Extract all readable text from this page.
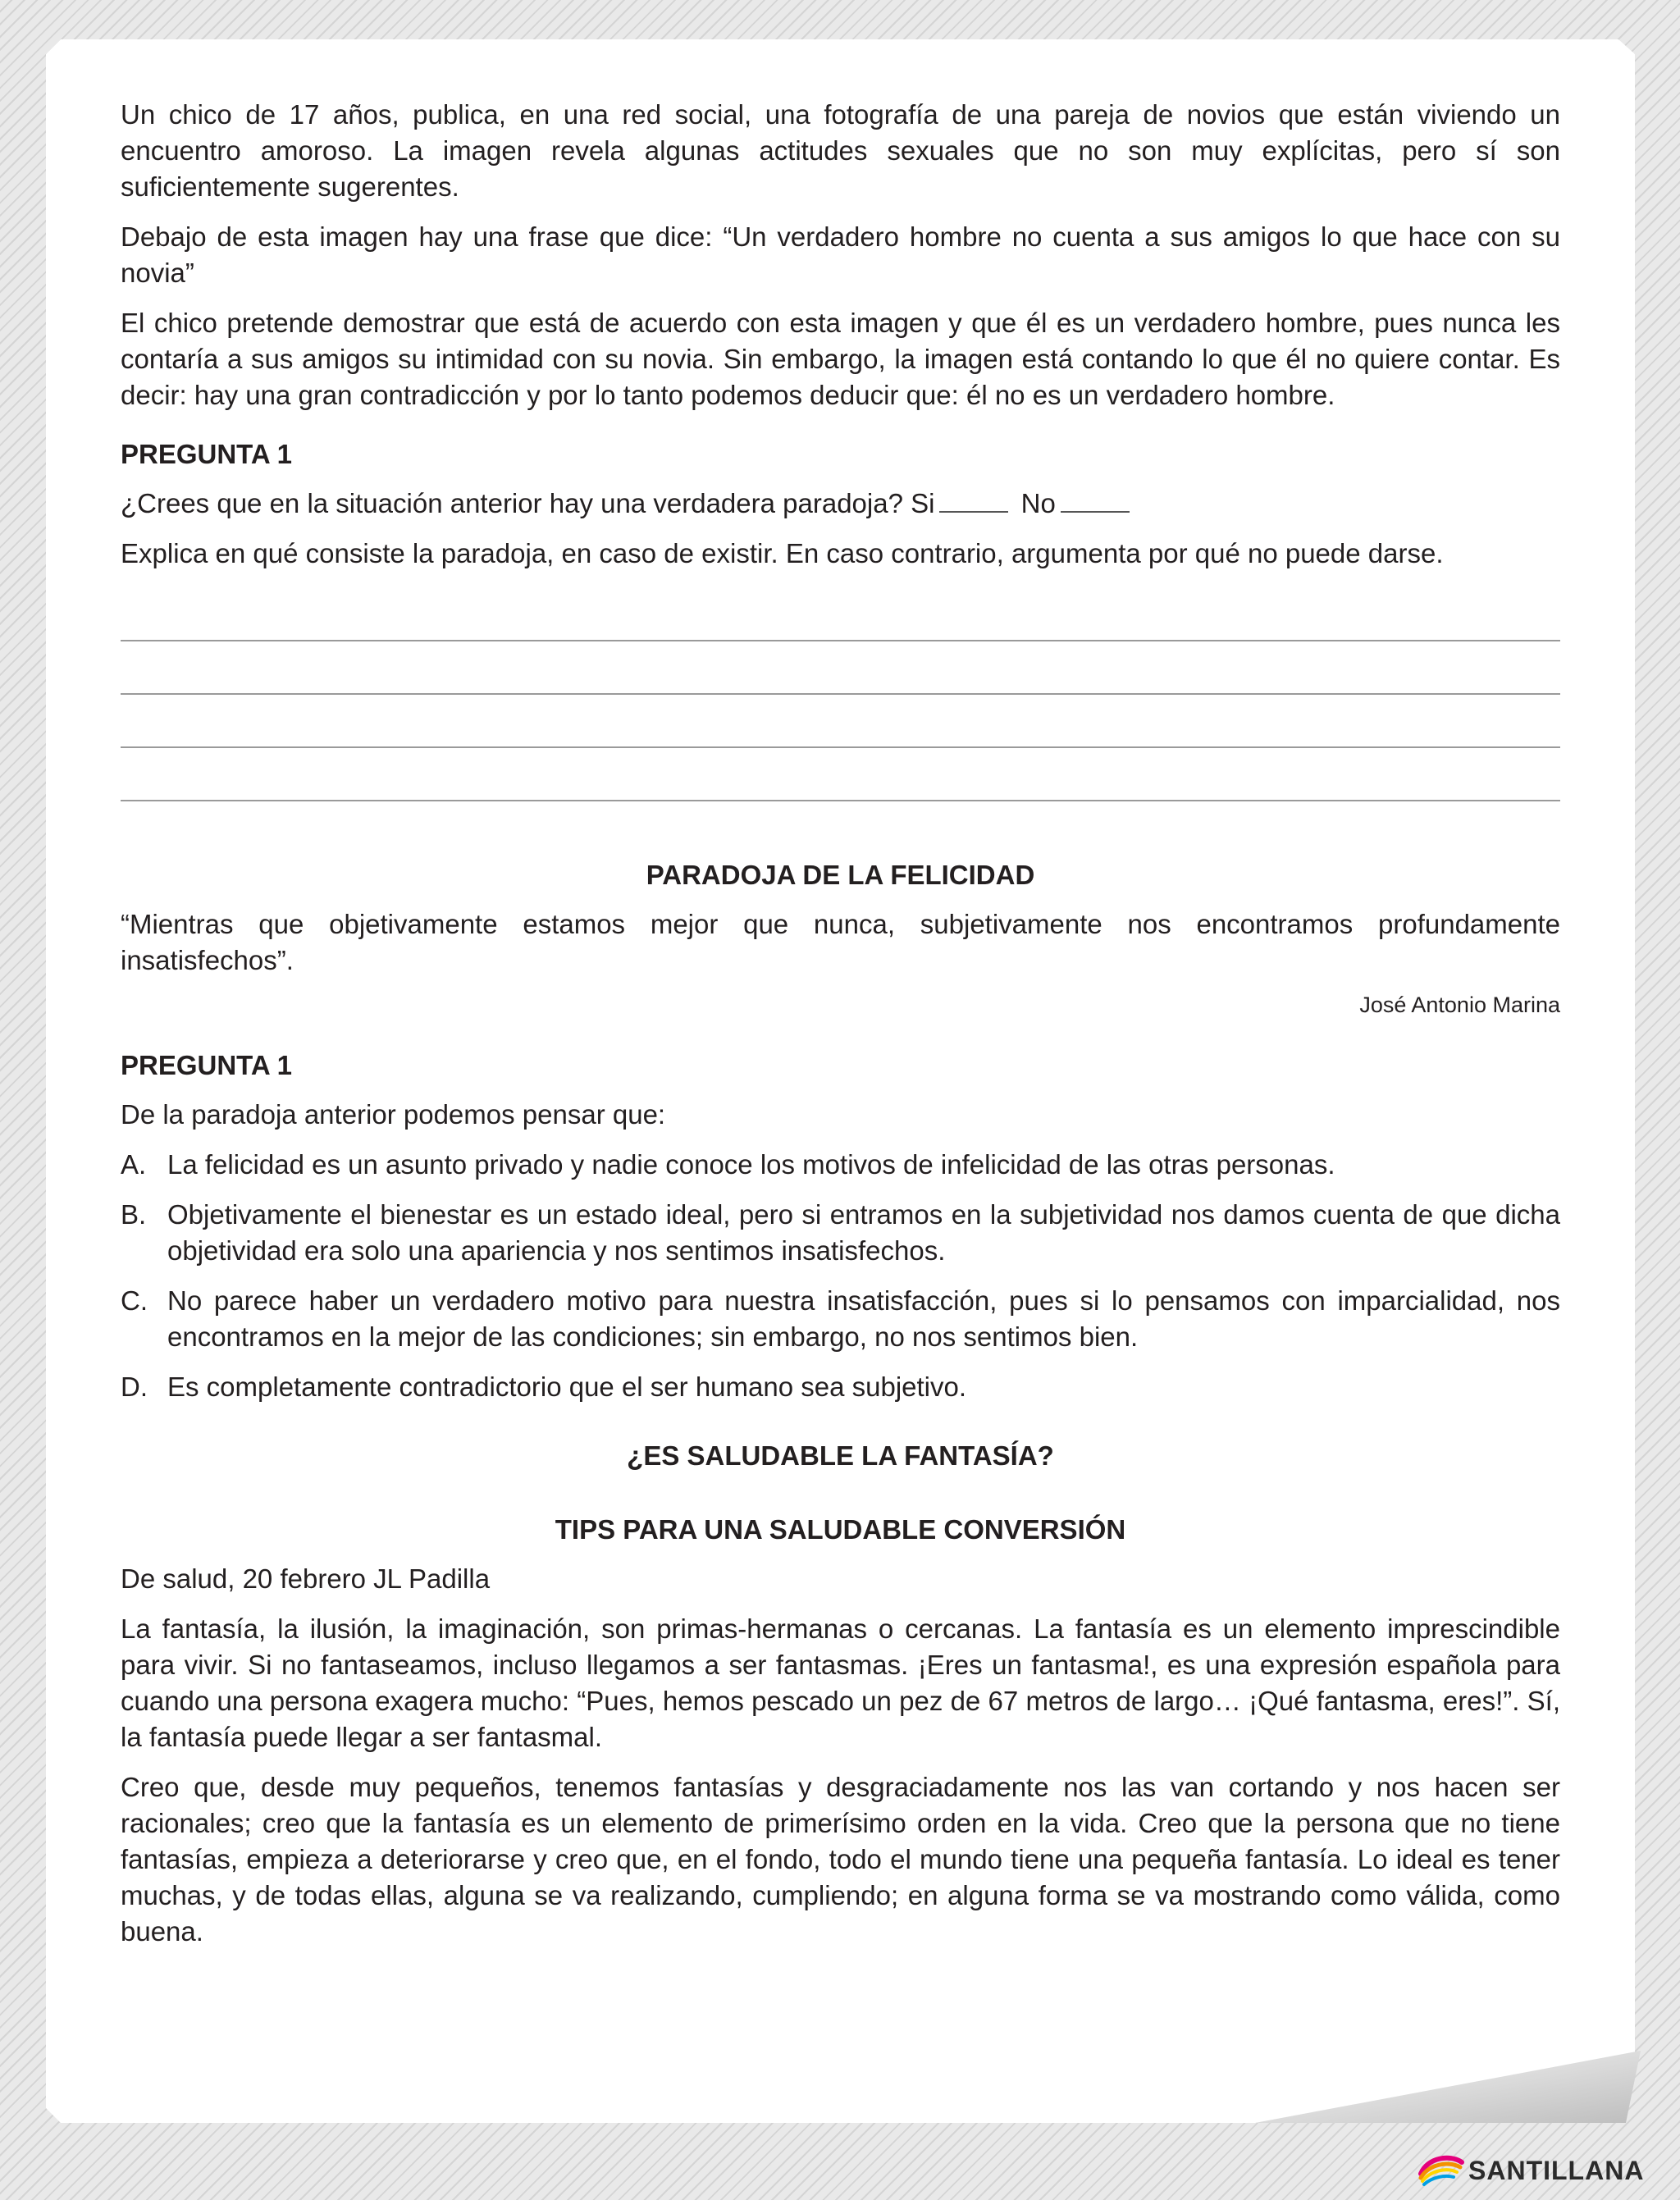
Un chico de 17 años, publica, en una red social, una fotografía de una pareja de novios que están viviendo un encuentro amoroso. La imagen revela algunas actitudes sexuales que no son muy explícitas, pero sí son suficientemente sugerentes.

Debajo de esta imagen hay una frase que dice: “Un verdadero hombre no cuenta a sus amigos lo que hace con su novia”

El chico pretende demostrar que está de acuerdo con esta imagen y que él es un verdadero hombre, pues nunca les contaría a sus amigos su intimidad con su novia. Sin embargo, la imagen está contando lo que él no quiere contar. Es decir: hay una gran contradicción y por lo tanto podemos deducir que: él no es un verdadero hombre.

PREGUNTA 1

¿Crees que en la situación anterior hay una verdadera paradoja? Si	No

Explica en qué consiste la paradoja, en caso de existir. En caso contrario, argumenta por qué no puede darse.

PARADOJA DE LA FELICIDAD

“Mientras que objetivamente estamos mejor que nunca, subjetivamente nos encontramos profundamente insatisfechos”.

José Antonio Marina
PREGUNTA 1

De la paradoja anterior podemos pensar que:

A. La felicidad es un asunto privado y nadie conoce los motivos de infelicidad de las otras personas.
B. Objetivamente el bienestar es un estado ideal, pero si entramos en la subjetividad nos damos cuenta de que dicha objetividad era solo una apariencia y nos sentimos insatisfechos.
C. No parece haber un verdadero motivo para nuestra insatisfacción, pues si lo pensamos con imparcialidad, nos encontramos en la mejor de las condiciones; sin embargo, no nos sentimos bien.
D. Es completamente contradictorio que el ser humano sea subjetivo.
¿ES SALUDABLE LA FANTASÍA?
TIPS PARA UNA SALUDABLE CONVERSIÓN

De salud, 20 febrero JL Padilla

La fantasía, la ilusión, la imaginación, son primas-hermanas o cercanas. La fantasía es un elemento imprescindible para vivir. Si no fantaseamos, incluso llegamos a ser fantasmas. ¡Eres un fantasma!, es una expresión española para cuando una persona exagera mucho: “Pues, hemos pescado un pez de 67 metros de largo… ¡Qué fantasma, eres!”. Sí, la fantasía puede llegar a ser fantasmal.

Creo que, desde muy pequeños, tenemos fantasías y desgraciadamente nos las van cortando y nos hacen ser racionales; creo que la fantasía es un elemento de primerísimo orden en la vida. Creo que la persona que no tiene fantasías, empieza a deteriorarse y creo que, en el fondo, todo el mundo tiene una pequeña fantasía. Lo ideal es tener muchas, y de todas ellas, alguna se va realizando, cumpliendo; en alguna forma se va mostrando como válida, como buena.

SANTILLANA
